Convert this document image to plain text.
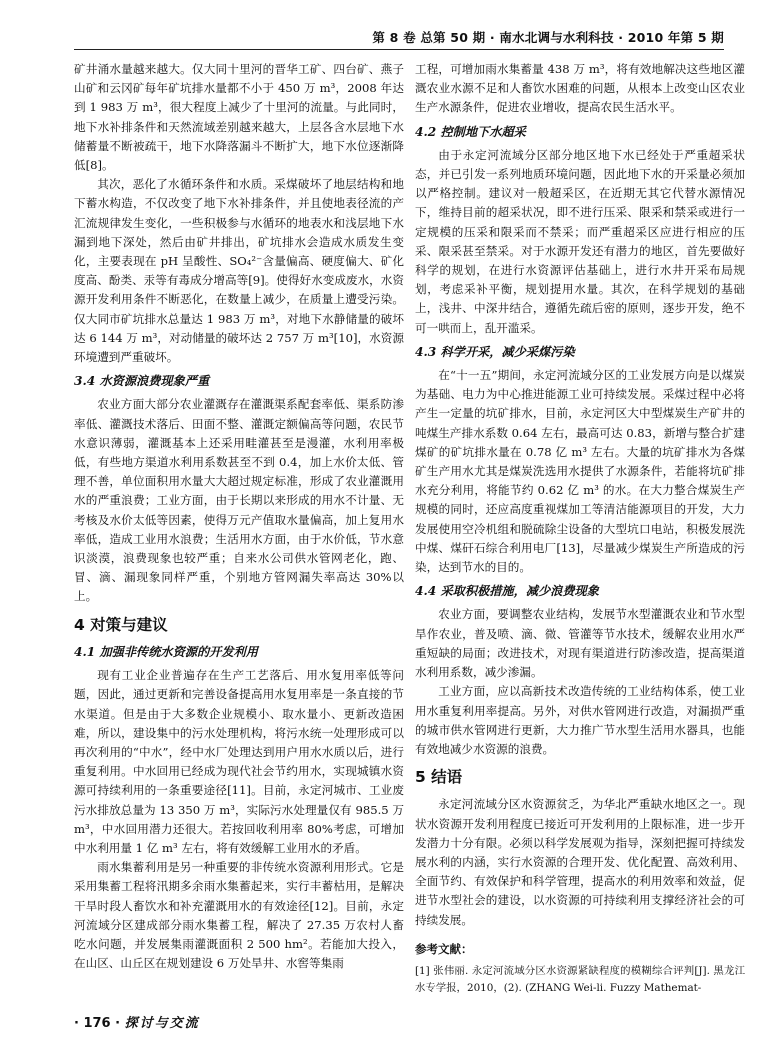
第 8 卷 总第 50 期 · 南水北调与水利科技 · 2010 年第 5 期

矿井涌水量越来越大。仅大同十里河的晋华工矿、四台矿、燕子山矿和云冈矿每年矿坑排水量都不小于 450 万 m³，2008 年达到 1 983 万 m³，很大程度上减少了十里河的流量。与此同时，地下水补排条件和天然流域差别越来越大，上层各含水层地下水储蓄量不断被疏干，地下水降落漏斗不断扩大，地下水位逐渐降低[8]。

其次，恶化了水循环条件和水质。采煤破坏了地层结构和地下蓄水构造，不仅改变了地下水补排条件，并且使地表径流的产汇流规律发生变化，一些积极参与水循环的地表水和浅层地下水漏到地下深处，然后由矿井排出，矿坑排水会造成水质发生变化，主要表现在 pH 呈酸性、SO₄²⁻含量偏高、硬度偏大、矿化度高、酚类、汞等有毒成分增高等[9]。使得好水变成废水，水资源开发利用条件不断恶化，在数量上减少，在质量上遭受污染。仅大同市矿坑排水总量达 1 983 万 m³，对地下水静储量的破坏达 6 144 万 m³，对动储量的破坏达 2 757 万 m³[10]，水资源环境遭到严重破坏。

3.4 水资源浪费现象严重

农业方面大部分农业灌溉存在灌溉渠系配套率低、渠系防渗率低、灌溉技术落后、田面不整、灌溉定额偏高等问题，农民节水意识薄弱，灌溉基本上还采用畦灌甚至是漫灌，水利用率极低，有些地方渠道水利用系数甚至不到 0.4，加上水价太低、管理不善，单位面积用水量大大超过规定标准，形成了农业灌溉用水的严重浪费；工业方面，由于长期以来形成的用水不计量、无考核及水价太低等因素，使得万元产值取水量偏高，加上复用水率低，造成工业用水浪费；生活用水方面，由于水价低，节水意识淡漠，浪费现象也较严重；自来水公司供水管网老化，跑、冒、滴、漏现象同样严重，个别地方管网漏失率高达 30%以上。

4 对策与建议
4.1 加强非传统水资源的开发利用

现有工业企业普遍存在生产工艺落后、用水复用率低等问题，因此，通过更新和完善设备提高用水复用率是一条直接的节水渠道。但是由于大多数企业规模小、取水量小、更新改造困难，所以，建设集中的污水处理机构，将污水统一处理形成可以再次利用的“中水”，经中水厂处理达到用户用水水质以后，进行重复利用。中水回用已经成为现代社会节约用水，实现城镇水资源可持续利用的一条重要途径[11]。目前，永定河城市、工业废污水排放总量为 13 350 万 m³，实际污水处理量仅有 985.5 万 m³，中水回用潜力还很大。若按回收利用率 80%考虑，可增加中水利用量 1 亿 m³ 左右，将有效缓解工业用水的矛盾。

雨水集蓄利用是另一种重要的非传统水资源利用形式。它是采用集蓄工程将汛期多余雨水集蓄起来，实行丰蓄枯用，是解决干旱时段人畜饮水和补充灌溉用水的有效途径[12]。目前，永定河流域分区建成部分雨水集蓄工程，解决了 27.35 万农村人畜吃水问题，并发展集雨灌溉面积 2 500 hm²。若能加大投入，在山区、山丘区在规划建设 6 万处旱井、水窖等集雨

工程，可增加雨水集蓄量 438 万 m³，将有效地解决这些地区灌溉农业水源不足和人畜饮水困难的问题，从根本上改变山区农业生产水源条件，促进农业增收，提高农民生活水平。

4.2 控制地下水超采

由于永定河流域分区部分地区地下水已经处于严重超采状态，并已引发一系列地质环境问题，因此地下水的开采量必须加以严格控制。建议对一般超采区，在近期无其它代替水源情况下，维持目前的超采状况，即不进行压采、限采和禁采或进行一定规模的压采和限采而不禁采；而严重超采区应进行相应的压采、限采甚至禁采。对于水源开发还有潜力的地区，首先要做好科学的规划，在进行水资源评估基础上，进行水井开采布局规划，考虑采补平衡，规划提用水量。其次，在科学规划的基础上，浅井、中深井结合，遵循先疏后密的原则，逐步开发，绝不可一哄而上，乱开滥采。

4.3 科学开采，减少采煤污染

在“十一五”期间，永定河流域分区的工业发展方向是以煤炭为基础、电力为中心推进能源工业可持续发展。采煤过程中必将产生一定量的坑矿排水，目前，永定河区大中型煤炭生产矿井的吨煤生产排水系数 0.64 左右，最高可达 0.83，新增与整合扩建煤矿的矿坑排水量在 0.78 亿 m³ 左右。大量的坑矿排水为各煤矿生产用水尤其是煤炭洗选用水提供了水源条件，若能将坑矿排水充分利用，将能节约 0.62 亿 m³ 的水。在大力整合煤炭生产规模的同时，还应高度重视煤加工等清洁能源项目的开发，大力发展使用空冷机组和脱硫除尘设备的大型坑口电站，积极发展洗中煤、煤矸石综合利用电厂[13]，尽量减少煤炭生产所造成的污染，达到节水的目的。

4.4 采取积极措施，减少浪费现象

农业方面，要调整农业结构，发展节水型灌溉农业和节水型旱作农业，普及喷、滴、微、管灌等节水技术，缓解农业用水严重短缺的局面；改进技术，对现有渠道进行防渗改造，提高渠道水利用系数，减少渗漏。

工业方面，应以高新技术改造传统的工业结构体系，使工业用水重复利用率提高。另外，对供水管网进行改造，对漏损严重的城市供水管网进行更新，大力推广节水型生活用水器具，也能有效地减少水资源的浪费。

5 结语

永定河流域分区水资源贫乏，为华北严重缺水地区之一。现状水资源开发利用程度已接近可开发利用的上限标准，进一步开发潜力十分有限。必须以科学发展观为指导，深刻把握可持续发展水利的内涵，实行水资源的合理开发、优化配置、高效利用、全面节约、有效保护和科学管理，提高水的利用效率和效益，促进节水型社会的建设，以水资源的可持续利用支撑经济社会的可持续发展。

参考文献：
[1] 张伟丽. 永定河流域分区水资源紧缺程度的模糊综合评判[J]. 黑龙江水专学报，2010，(2). (ZHANG Wei-li. Fuzzy Mathemat-
· 176 · 探讨与交流
